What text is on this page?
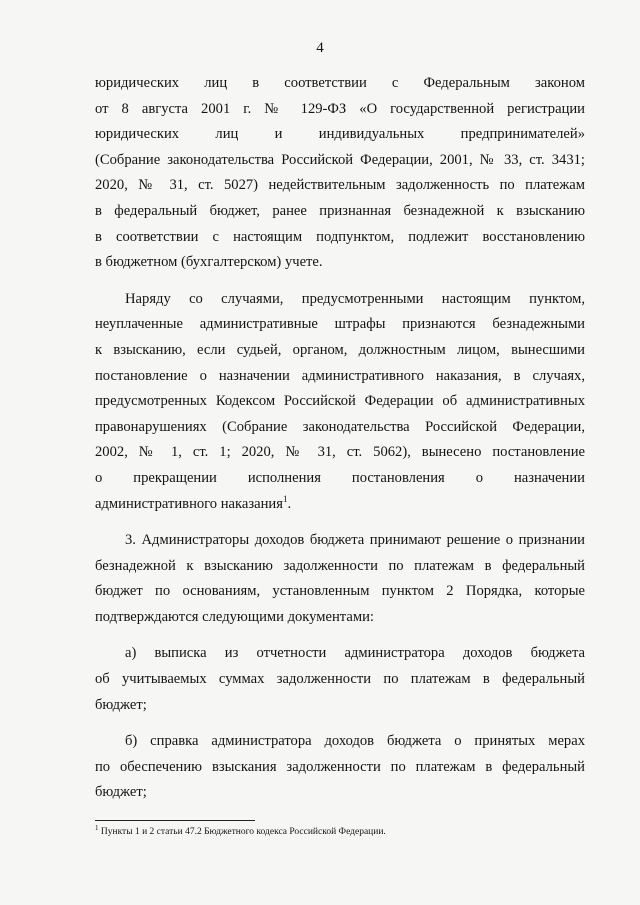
4
юридических лиц в соответствии с Федеральным законом
от 8 августа 2001 г. № 129-ФЗ «О государственной регистрации
юридических лиц и индивидуальных предпринимателей»
(Собрание законодательства Российской Федерации, 2001, № 33, ст. 3431;
2020, № 31, ст. 5027) недействительным задолженность по платежам
в федеральный бюджет, ранее признанная безнадежной к взысканию
в соответствии с настоящим подпунктом, подлежит восстановлению
в бюджетном (бухгалтерском) учете.
Наряду со случаями, предусмотренными настоящим пунктом,
неуплаченные административные штрафы признаются безнадежными
к взысканию, если судьей, органом, должностным лицом, вынесшими
постановление о назначении административного наказания, в случаях,
предусмотренных Кодексом Российской Федерации об административных
правонарушениях (Собрание законодательства Российской Федерации,
2002, № 1, ст. 1; 2020, № 31, ст. 5062), вынесено постановление
о прекращении исполнения постановления о назначении
административного наказания$^1$.
3. Администраторы доходов бюджета принимают решение о признании
безнадежной к взысканию задолженности по платежам в федеральный
бюджет по основаниям, установленным пунктом 2 Порядка, которые
подтверждаются следующими документами:
а) выписка из отчетности администратора доходов бюджета
об учитываемых суммах задолженности по платежам в федеральный
бюджет;
б) справка администратора доходов бюджета о принятых мерах
по обеспечению взыскания задолженности по платежам в федеральный
бюджет;
$^1$ Пункты 1 и 2 статьи 47.2 Бюджетного кодекса Российской Федерации.
